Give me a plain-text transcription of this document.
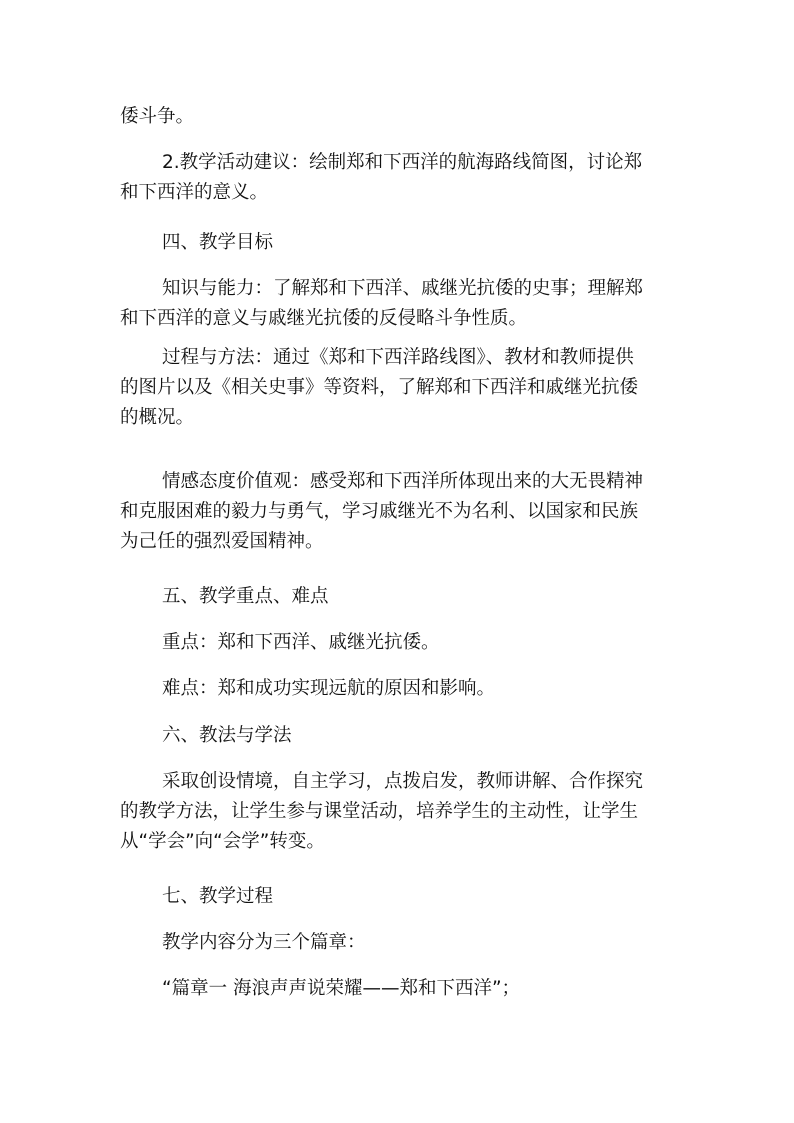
倭斗争。

2.教学活动建议：绘制郑和下西洋的航海路线简图，讨论郑
和下西洋的意义。

四、教学目标

知识与能力：了解郑和下西洋、戚继光抗倭的史事；理解郑
和下西洋的意义与戚继光抗倭的反侵略斗争性质。

过程与方法：通过《郑和下西洋路线图》、教材和教师提供
的图片以及《相关史事》等资料，了解郑和下西洋和戚继光抗倭
的概况。

情感态度价值观：感受郑和下西洋所体现出来的大无畏精神
和克服困难的毅力与勇气，学习戚继光不为名利、以国家和民族
为己任的强烈爱国精神。

五、教学重点、难点

重点：郑和下西洋、戚继光抗倭。

难点：郑和成功实现远航的原因和影响。

六、教法与学法

采取创设情境，自主学习，点拨启发，教师讲解、合作探究
的教学方法，让学生参与课堂活动，培养学生的主动性，让学生
从“学会”向“会学”转变。

七、教学过程

教学内容分为三个篇章：

“篇章一 海浪声声说荣耀——郑和下西洋”；
